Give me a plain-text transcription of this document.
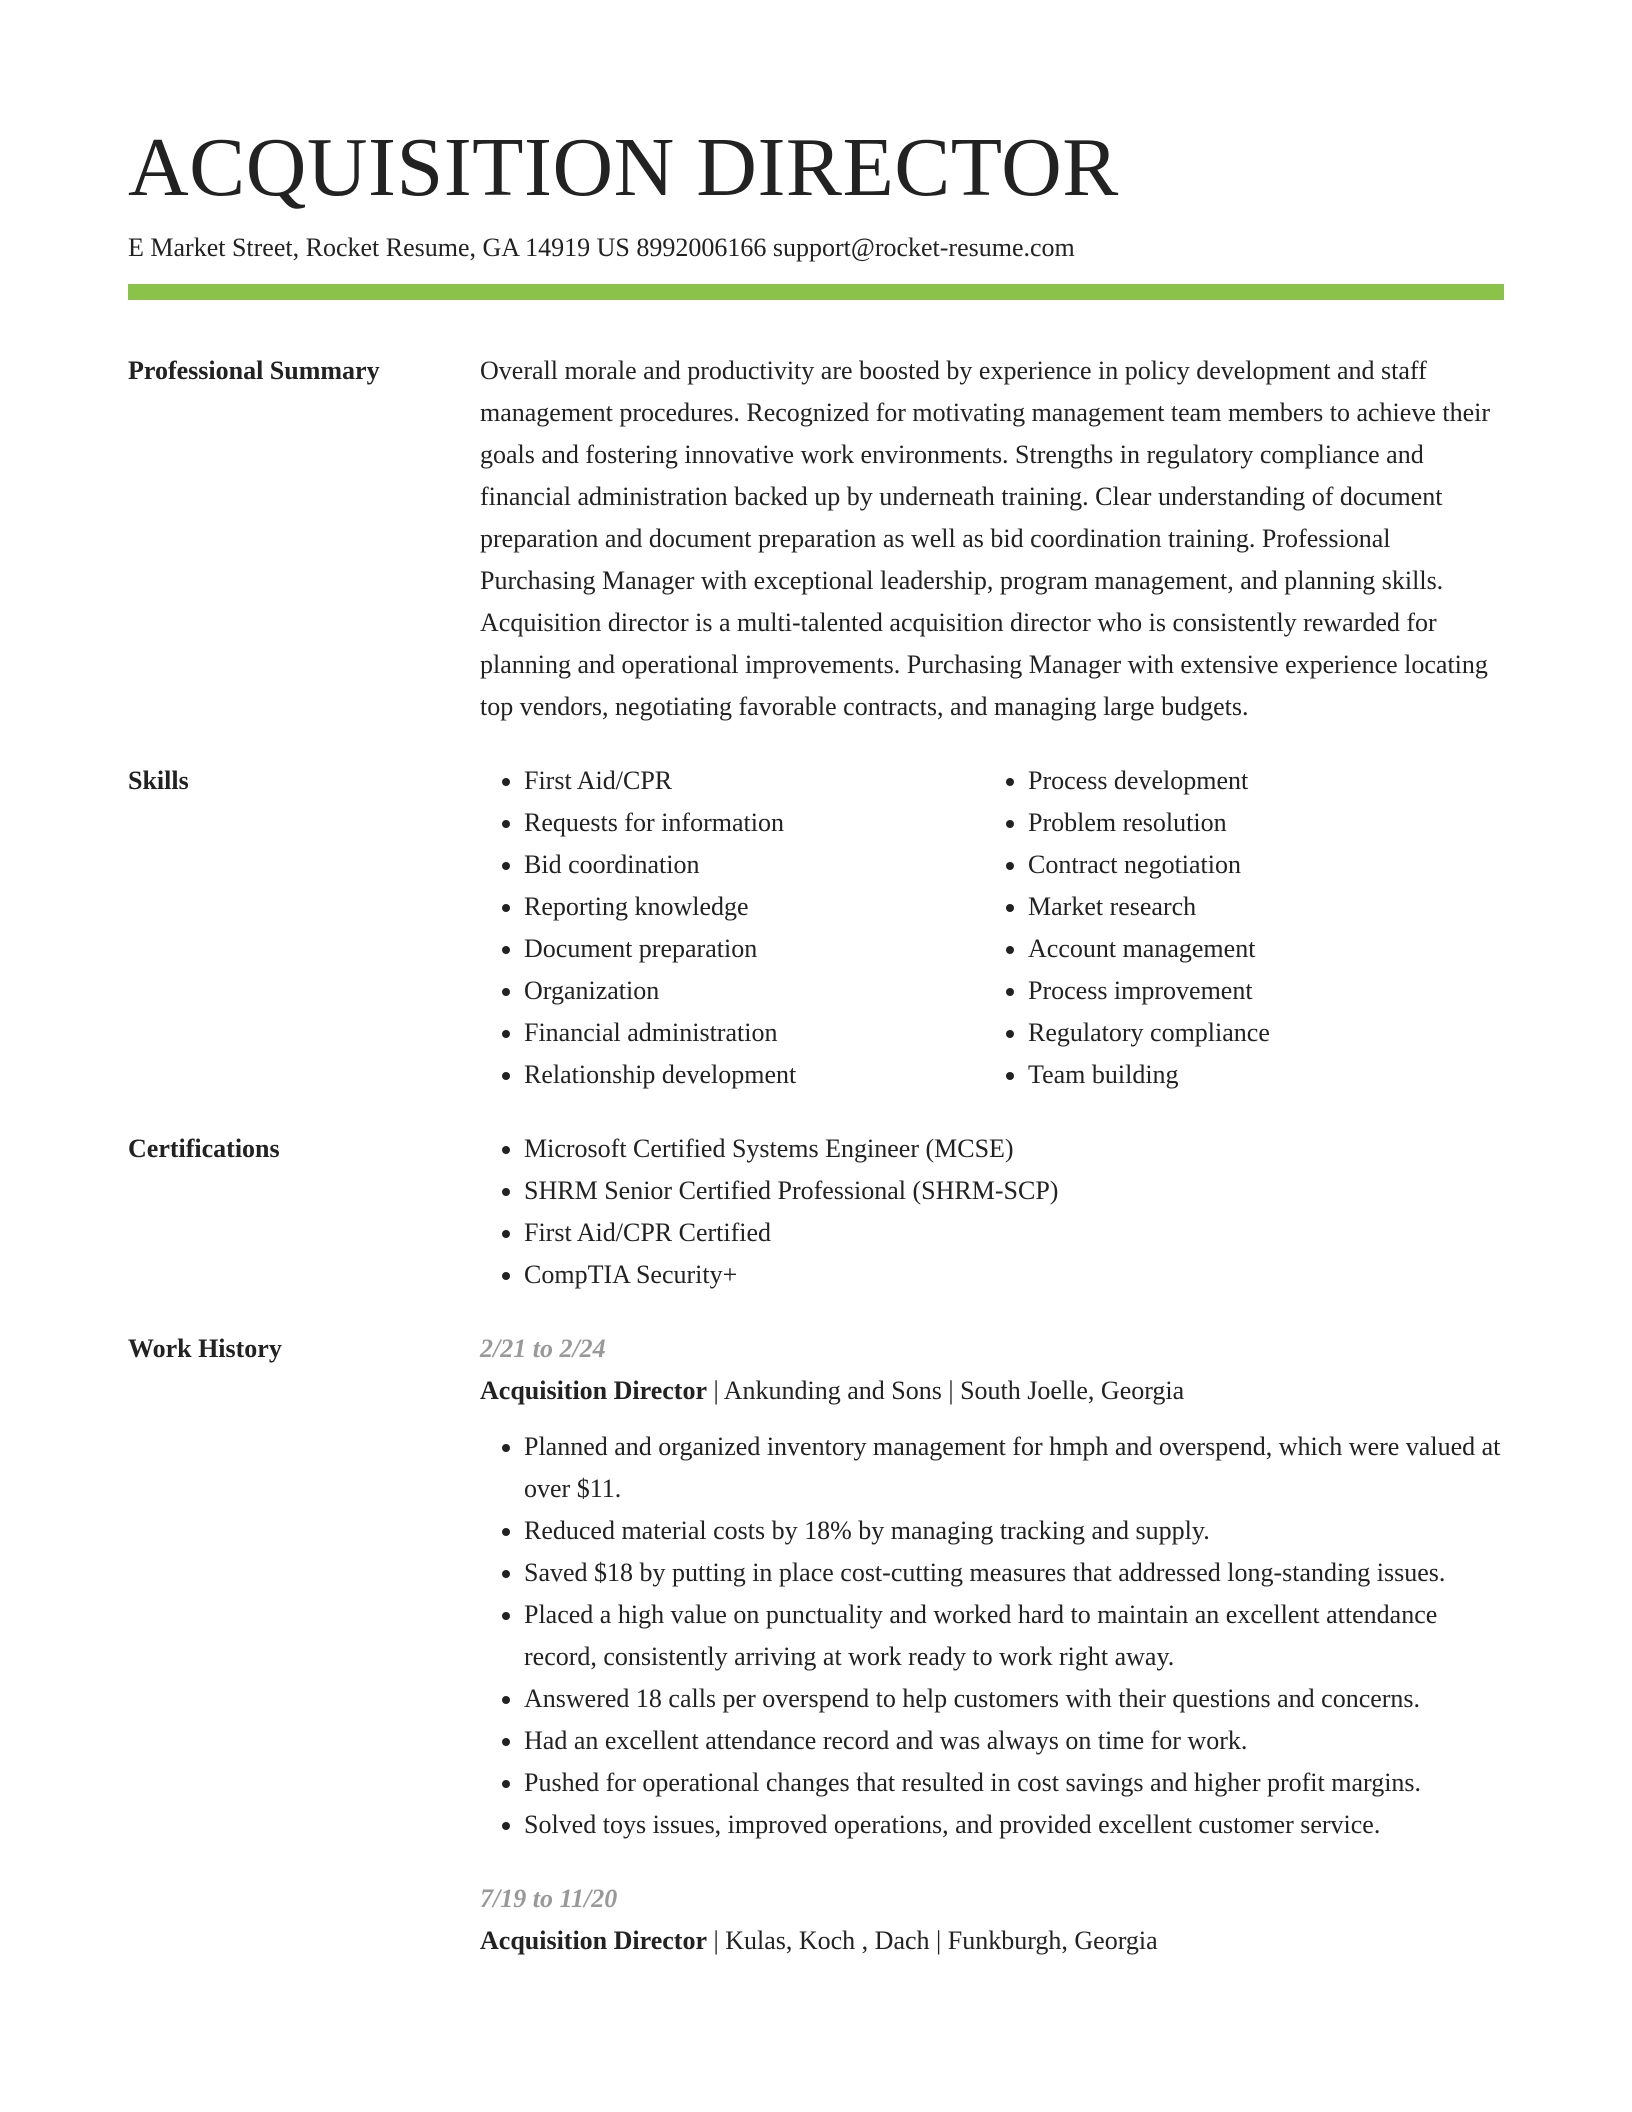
ACQUISITION DIRECTOR
E Market Street, Rocket Resume, GA 14919 US 8992006166 support@rocket-resume.com
Professional Summary	Overall morale and productivity are boosted by experience in policy development and staff management procedures. Recognized for motivating management team members to achieve their goals and fostering innovative work environments. Strengths in regulatory compliance and financial administration backed up by underneath training. Clear understanding of document preparation and document preparation as well as bid coordination training. Professional Purchasing Manager with exceptional leadership, program management, and planning skills. Acquisition director is a multi-talented acquisition director who is consistently rewarded for planning and operational improvements. Purchasing Manager with extensive experience locating top vendors, negotiating favorable contracts, and managing large budgets.
Skills	• First Aid/CPR
• Requests for information
• Bid coordination
• Reporting knowledge
• Document preparation
• Organization
• Financial administration
• Relationship development
• Process development
• Problem resolution
• Contract negotiation
• Market research
• Account management
• Process improvement
• Regulatory compliance
• Team building
Certifications	• Microsoft Certified Systems Engineer (MCSE)
• SHRM Senior Certified Professional (SHRM-SCP)
• First Aid/CPR Certified
• CompTIA Security+
Work History	2/21 to 2/24
Acquisition Director | Ankunding and Sons | South Joelle, Georgia
• Planned and organized inventory management for hmph and overspend, which were valued at over $11.
• Reduced material costs by 18% by managing tracking and supply.
• Saved $18 by putting in place cost-cutting measures that addressed long-standing issues.
• Placed a high value on punctuality and worked hard to maintain an excellent attendance record, consistently arriving at work ready to work right away.
• Answered 18 calls per overspend to help customers with their questions and concerns.
• Had an excellent attendance record and was always on time for work.
• Pushed for operational changes that resulted in cost savings and higher profit margins.
• Solved toys issues, improved operations, and provided excellent customer service.
7/19 to 11/20
Acquisition Director | Kulas, Koch , Dach | Funkburgh, Georgia
